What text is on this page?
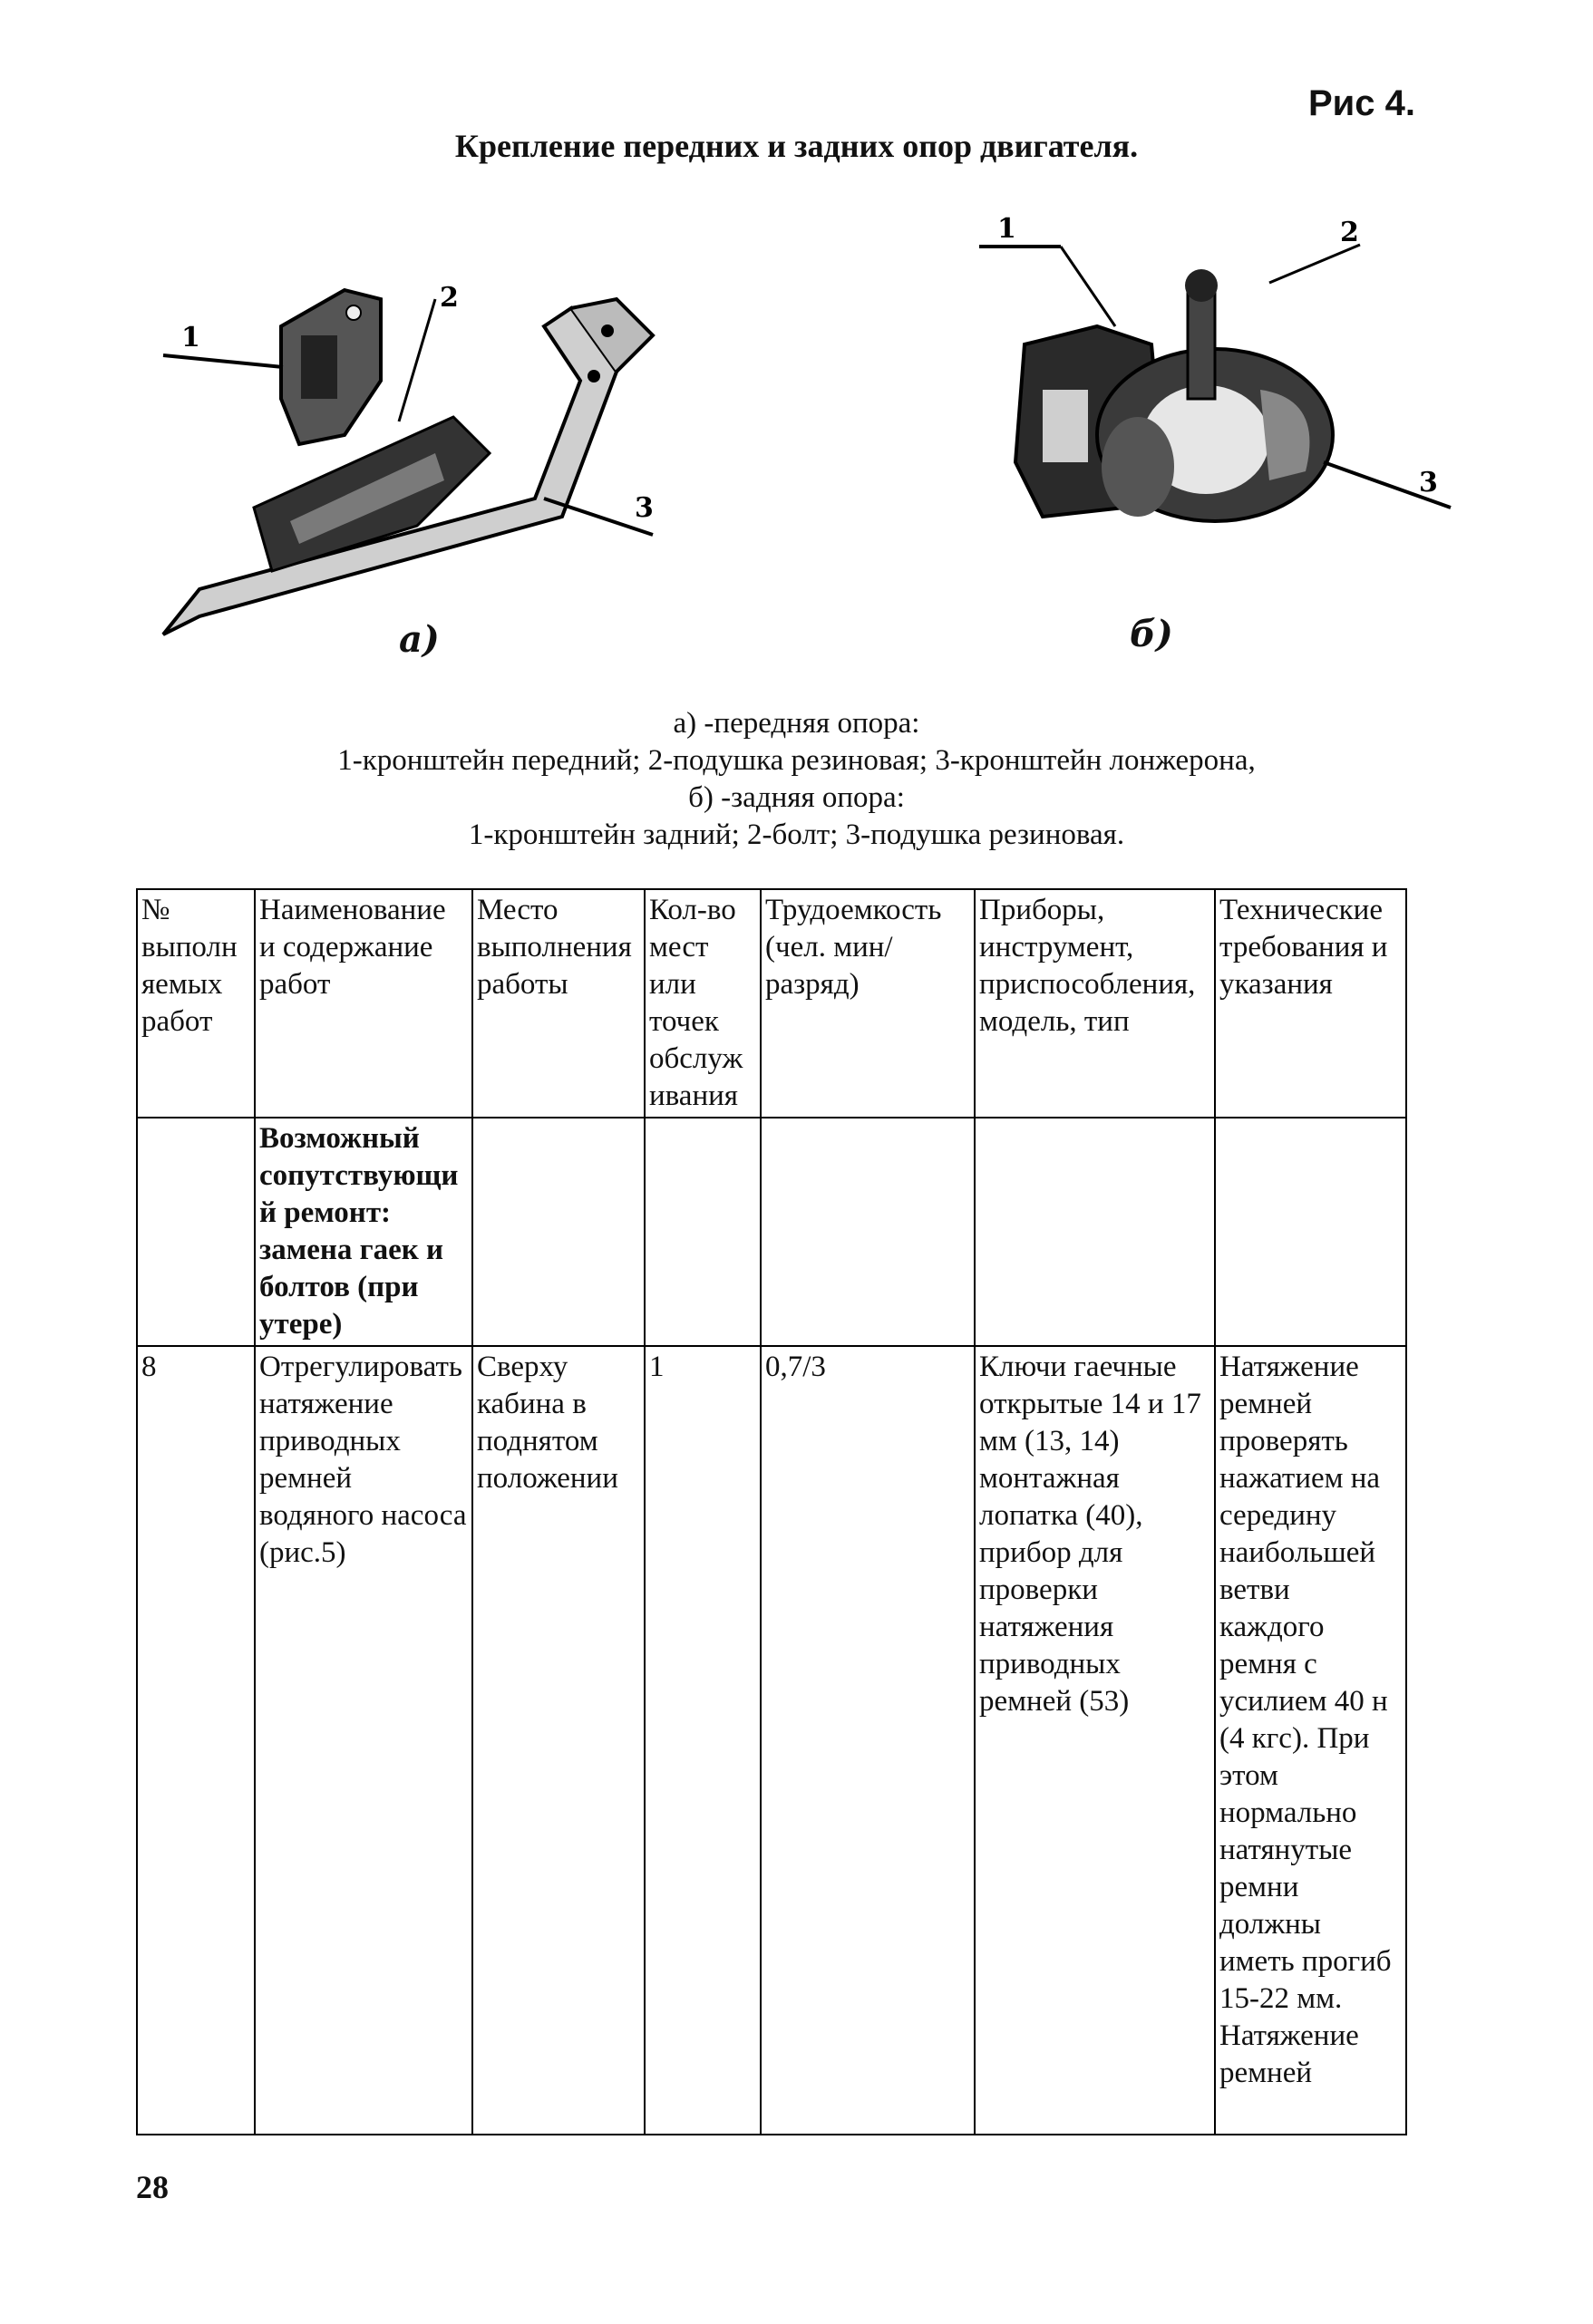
Рис 4.
Крепление передних и задних опор двигателя.
1
2
3
а)
1	2
3
б)
а) -передняя опора:
1-кронштейн передний; 2-подушка резиновая; 3-кронштейн лонжерона,
б) -задняя опора:
1-кронштейн задний; 2-болт; 3-подушка резиновая.
№ выполняемых работ	Наименование и содержание работ	Место выполнения работы	Кол-во мест или точек обслуживания	Трудоемкость (чел. мин/ разряд)	Приборы, инструмент, приспособления, модель, тип	Технические требования и указания
	Возможный сопутствующий ремонт: замена гаек и болтов (при утере)					
8	Отрегулировать натяжение приводных ремней водяного насоса (рис.5)	Сверху кабина в поднятом положении	1	0,7/3	Ключи гаечные открытые 14 и 17 мм (13, 14) монтажная лопатка (40), прибор для проверки натяжения приводных ремней (53)	Натяжение ремней проверять нажатием на середину наибольшей ветви каждого ремня с усилием 40 н (4 кгс). При этом нормально натянутые ремни должны иметь прогиб 15-22 мм. Натяжение ремней
28
